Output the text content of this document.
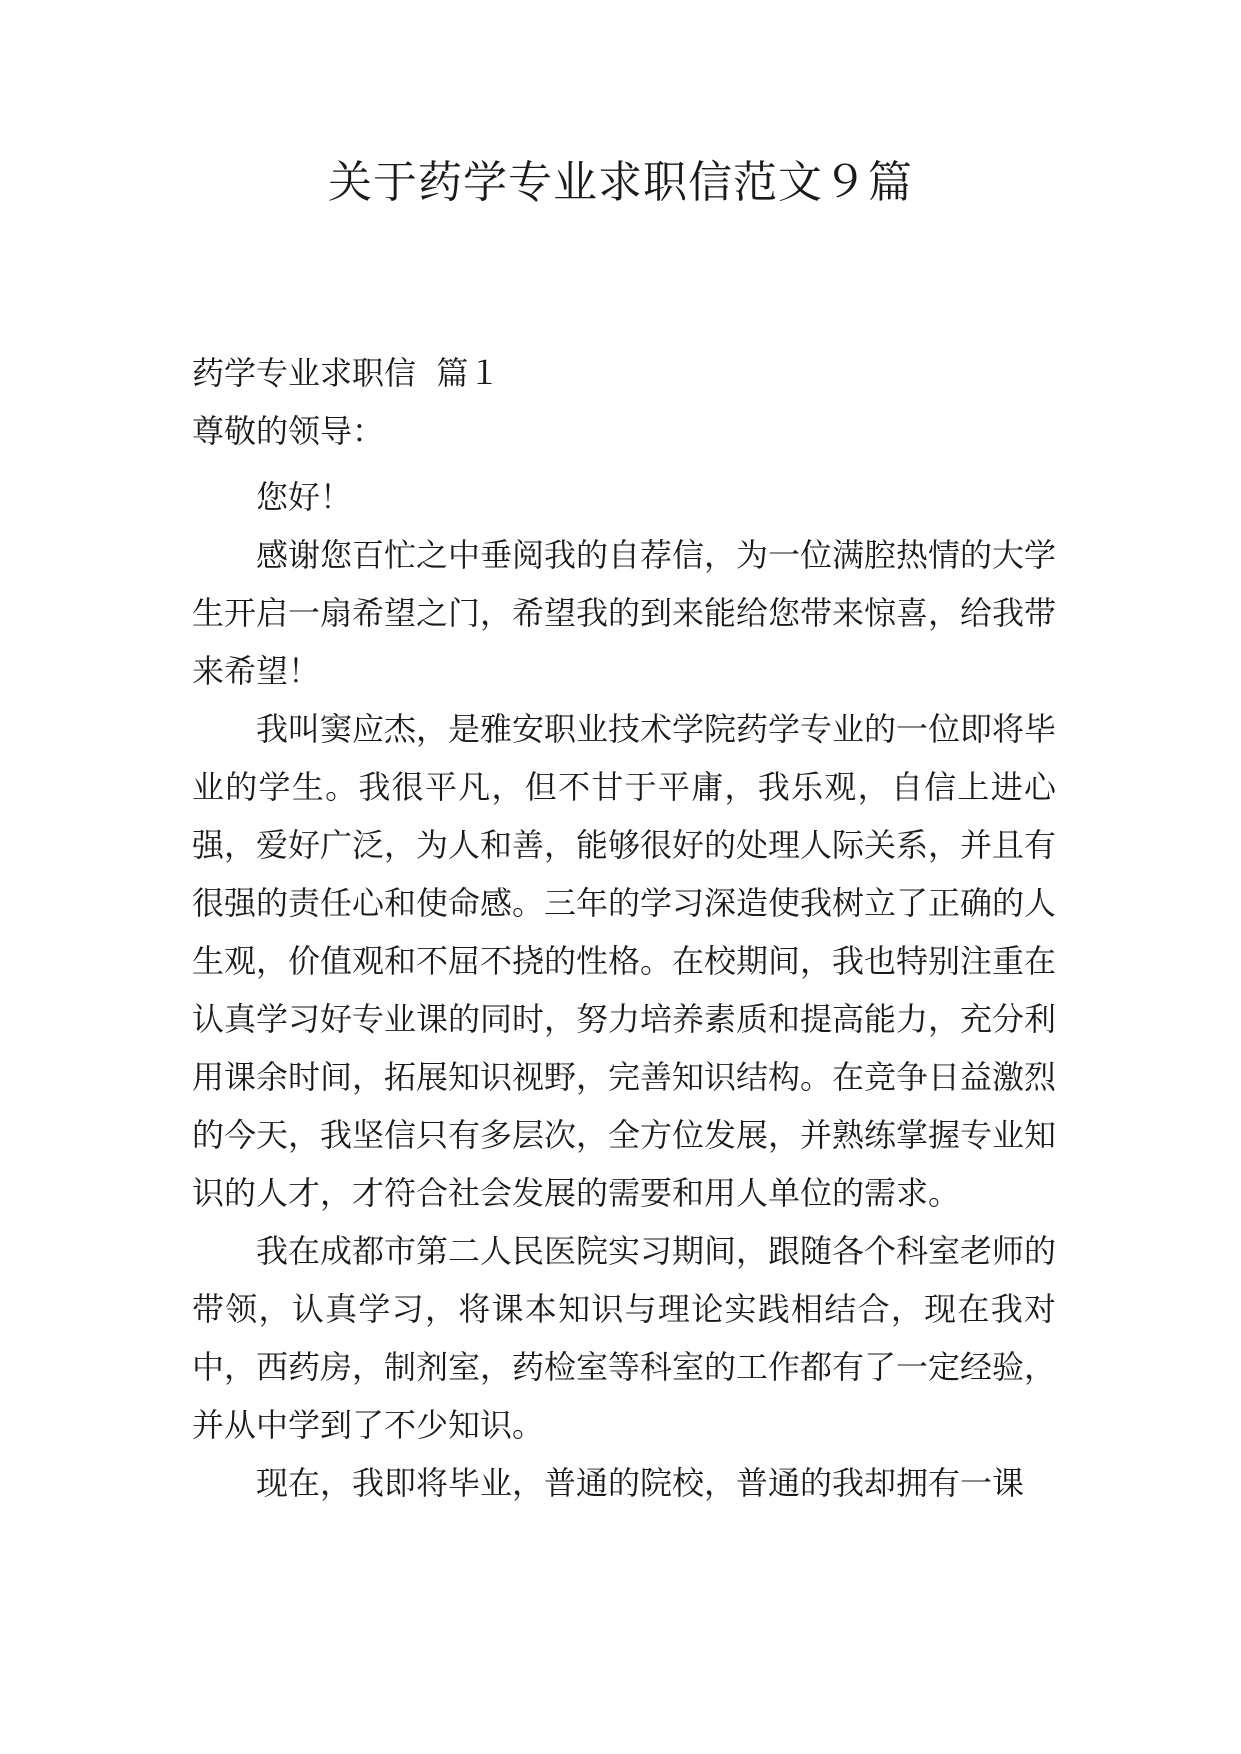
关于药学专业求职信范文９篇

药学专业求职信  篇１

尊敬的领导：

您好！

感谢您百忙之中垂阅我的自荐信，为一位满腔热情的大学生开启一扇希望之门，希望我的到来能给您带来惊喜，给我带来希望！

我叫窦应杰，是雅安职业技术学院药学专业的一位即将毕业的学生。我很平凡，但不甘于平庸，我乐观，自信上进心强，爱好广泛，为人和善，能够很好的处理人际关系，并且有很强的责任心和使命感。三年的学习深造使我树立了正确的人生观，价值观和不屈不挠的性格。在校期间，我也特别注重在认真学习好专业课的同时，努力培养素质和提高能力，充分利用课余时间，拓展知识视野，完善知识结构。在竞争日益激烈的今天，我坚信只有多层次，全方位发展，并熟练掌握专业知识的人才，才符合社会发展的需要和用人单位的需求。

我在成都市第二人民医院实习期间，跟随各个科室老师的带领，认真学习，将课本知识与理论实践相结合，现在我对中，西药房，制剂室，药检室等科室的工作都有了一定经验，并从中学到了不少知识。

现在，我即将毕业，普通的院校，普通的我却拥有一课
